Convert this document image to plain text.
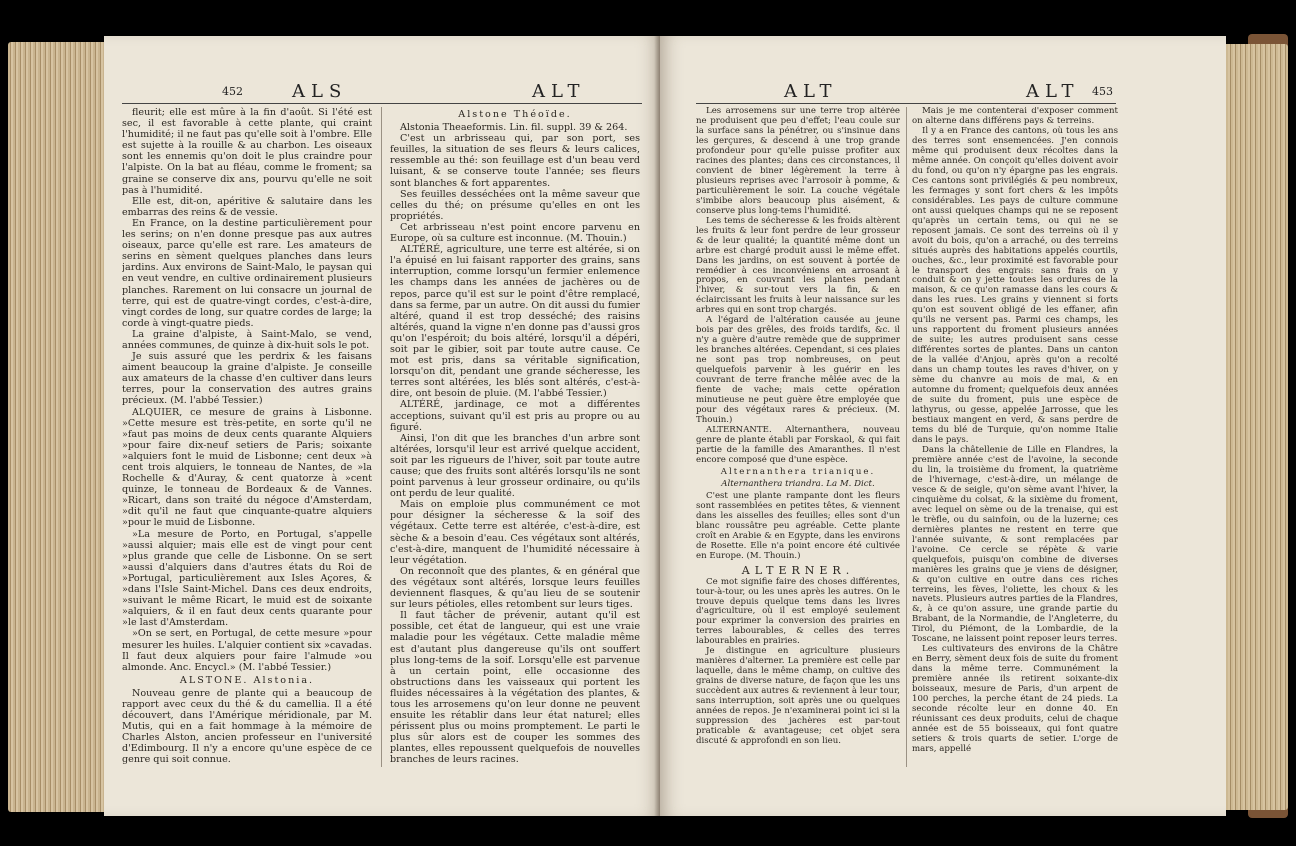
452	ALS	ALT

fleurit; elle est mûre à la fin d'août. Si l'été est sec, il est favorable à cette plante, qui craint l'humidité; il ne faut pas qu'elle soit à l'ombre. Elle est sujette à la rouille & au charbon. Les oiseaux sont les ennemis qu'on doit le plus craindre pour l'alpiste. On la bat au fléau, comme le froment; sa graine se conserve dix ans, pourvu qu'elle ne soit pas à l'humidité.

Elle est, dit-on, apéritive & salutaire dans les embarras des reins & de vessie.

En France, on la destine particulièrement pour les serins; on n'en donne presque pas aux autres oiseaux, parce qu'elle est rare. Les amateurs de serins en sèment quelques planches dans leurs jardins. Aux environs de Saint-Malo, le paysan qui en veut vendre, en cultive ordinairement plusieurs planches. Rarement on lui consacre un journal de terre, qui est de quatre-vingt cordes, c'est-à-dire, vingt cordes de long, sur quatre cordes de large; la corde à vingt-quatre pieds.

La graine d'alpiste, à Saint-Malo, se vend, années communes, de quinze à dix-huit sols le pot.

Je suis assuré que les perdrix & les faisans aiment beaucoup la graine d'alpiste. Je conseille aux amateurs de la chasse d'en cultiver dans leurs terres, pour la conservation des autres grains précieux. (M. l'abbé Tessier.)

ALQUIER, ce mesure de grains à Lisbonne. »Cette mesure est très-petite, en sorte qu'il ne »faut pas moins de deux cents quarante Alquiers »pour faire dix-neuf setiers de Paris; soixante »alquiers font le muid de Lisbonne; cent deux »à cent trois alquiers, le tonneau de Nantes, de »la Rochelle & d'Auray, & cent quatorze à »cent quinze, le tonneau de Bordeaux & de Vannes. »Ricart, dans son traité du négoce d'Amsterdam, »dit qu'il ne faut que cinquante-quatre alquiers »pour le muid de Lisbonne.

»La mesure de Porto, en Portugal, s'appelle »aussi alquier; mais elle est de vingt pour cent »plus grande que celle de Lisbonne. On se sert »aussi d'alquiers dans d'autres états du Roi de »Portugal, particulièrement aux Isles Açores, & »dans l'Isle Saint-Michel. Dans ces deux endroits, »suivant le même Ricart, le muid est de soixante »alquiers, & il en faut deux cents quarante pour »le last d'Amsterdam.

»On se sert, en Portugal, de cette mesure »pour mesurer les huiles. L'alquier contient six »cavadas. Il faut deux alquiers pour faire l'almude »ou almonde. Anc. Encycl.» (M. l'abbé Tessier.)

ALSTONE. Alstonia.

Nouveau genre de plante qui a beaucoup de rapport avec ceux du thé & du camellia. Il a été découvert, dans l'Amérique méridionale, par M. Mutis, qui en a fait hommage à la mémoire de Charles Alston, ancien professeur en l'université d'Edimbourg. Il n'y a encore qu'une espèce de ce genre qui soit connue.

Alstone Théoïde.

Alstonia Theaeformis. Lin. fil. suppl. 39 & 264.

C'est un arbrisseau qui, par son port, ses feuilles, la situation de ses fleurs & leurs calices, ressemble au thé: son feuillage est d'un beau verd luisant, & se conserve toute l'année; ses fleurs sont blanches & fort apparentes.

Ses feuilles desséchées ont la même saveur que celles du thé; on présume qu'elles en ont les propriétés.

Cet arbrisseau n'est point encore parvenu en Europe, où sa culture est inconnue. (M. Thouin.)

ALTÉRÉ, agriculture, une terre est altérée, si on l'a épuisé en lui faisant rapporter des grains, sans interruption, comme lorsqu'un fermier enlemence les champs dans les années de jachères ou de repos, parce qu'il est sur le point d'être remplacé, dans sa ferme, par un autre. On dit aussi du fumier altéré, quand il est trop desséché; des raisins altérés, quand la vigne n'en donne pas d'aussi gros qu'on l'espéroit; du bois altéré, lorsqu'il a dépéri, soit par le gibier, soit par toute autre cause. Ce mot est pris, dans sa véritable signification, lorsqu'on dit, pendant une grande sécheresse, les terres sont altérées, les blés sont altérés, c'est-à-dire, ont besoin de pluie. (M. l'abbé Tessier.)

ALTÉRÉ, jardinage, ce mot a différentes acceptions, suivant qu'il est pris au propre ou au figuré.

Ainsi, l'on dit que les branches d'un arbre sont altérées, lorsqu'il leur est arrivé quelque accident, soit par les rigueurs de l'hiver, soit par toute autre cause; que des fruits sont altérés lorsqu'ils ne sont point parvenus à leur grosseur ordinaire, ou qu'ils ont perdu de leur qualité.

Mais on emploie plus communément ce mot pour désigner la sécheresse & la soif des végétaux. Cette terre est altérée, c'est-à-dire, est sèche & a besoin d'eau. Ces végétaux sont altérés, c'est-à-dire, manquent de l'humidité nécessaire à leur végétation.

On reconnoît que des plantes, & en général que des végétaux sont altérés, lorsque leurs feuilles deviennent flasques, & qu'au lieu de se soutenir sur leurs pétioles, elles retombent sur leurs tiges.

Il faut tâcher de prévenir, autant qu'il est possible, cet état de langueur, qui est une vraie maladie pour les végétaux. Cette maladie même est d'autant plus dangereuse qu'ils ont souffert plus long-tems de la soif. Lorsqu'elle est parvenue à un certain point, elle occasionne des obstructions dans les vaisseaux qui portent les fluides nécessaires à la végétation des plantes, & tous les arrosemens qu'on leur donne ne peuvent ensuite les rétablir dans leur état naturel; elles périssent plus ou moins promptement. Le parti le plus sûr alors est de couper les sommes des plantes, elles repoussent quelquefois de nouvelles branches de leurs racines.

ALT	ALT 453

Les arrosemens sur une terre trop altérée ne produisent que peu d'effet; l'eau coule sur la surface sans la pénétrer, ou s'insinue dans les gerçures, & descend à une trop grande profondeur pour qu'elle puisse profiter aux racines des plantes; dans ces circonstances, il convient de biner légèrement la terre à plusieurs reprises avec l'arrosoir à pomme, & particulièrement le soir. La couche végétale s'imbibe alors beaucoup plus aisément, & conserve plus long-tems l'humidité.

Les tems de sécheresse & les froids altèrent les fruits & leur font perdre de leur grosseur & de leur qualité; la quantité même dont un arbre est chargé produit aussi le même effet. Dans les jardins, on est souvent à portée de remédier à ces inconvéniens en arrosant à propos, en couvrant les plantes pendant l'hiver, & sur-tout vers la fin, & en éclaircissant les fruits à leur naissance sur les arbres qui en sont trop chargés.

A l'égard de l'altération causée au jeune bois par des grêles, des froids tardifs, &c. il n'y a guère d'autre remède que de supprimer les branches altérées. Cependant, si ces plaies ne sont pas trop nombreuses, on peut quelquefois parvenir à les guérir en les couvrant de terre franche mêlée avec de la fiente de vache; mais cette opération minutieuse ne peut guère être employée que pour des végétaux rares & précieux. (M. Thouin.)

ALTERNANTE. Alternanthera, nouveau genre de plante établi par Forskaol, & qui fait partie de la famille des Amaranthes. Il n'est encore composé que d'une espèce.

Alternanthera trianique.

Alternanthera triandra. La M. Dict.

C'est une plante rampante dont les fleurs sont rassemblées en petites têtes, & viennent dans les aisselles des feuilles; elles sont d'un blanc roussâtre peu agréable. Cette plante croît en Arabie & en Egypte, dans les environs de Rosette. Elle n'a point encore été cultivée en Europe. (M. Thouin.)

ALTERNER.

Ce mot signifie faire des choses différentes, tour-à-tour, ou les unes après les autres. On le trouve depuis quelque tems dans les livres d'agriculture, où il est employé seulement pour exprimer la conversion des prairies en terres labourables, & celles des terres labourables en prairies.

Je distingue en agriculture plusieurs manières d'alterner. La première est celle par laquelle, dans le même champ, on cultive des grains de diverse nature, de façon que les uns succèdent aux autres & reviennent à leur tour, sans interruption, soit après une ou quelques années de repos. Je n'examinerai point ici si la suppression des jachères est par-tout praticable & avantageuse; cet objet sera discuté & approfondi en son lieu.

Mais je me contenterai d'exposer comment on alterne dans différens pays & terreins.

Il y a en France des cantons, où tous les ans des terres sont ensemencées. J'en connois même qui produisent deux récoltes dans la même année. On conçoit qu'elles doivent avoir du fond, ou qu'on n'y épargne pas les engrais. Ces cantons sont privilégiés & peu nombreux, les fermages y sont fort chers & les impôts considérables. Les pays de culture commune ont aussi quelques champs qui ne se reposent qu'après un certain tems, ou qui ne se reposent jamais. Ce sont des terreins où il y avoit du bois, qu'on a arraché, ou des terreins situés auprès des habitations appelés courtils, ouches, &c., leur proximité est favorable pour le transport des engrais: sans frais on y conduit & on y jette toutes les ordures de la maison, & ce qu'on ramasse dans les cours & dans les rues. Les grains y viennent si forts qu'on est souvent obligé de les effaner, afin qu'ils ne versent pas. Parmi ces champs, les uns rapportent du froment plusieurs années de suite; les autres produisent sans cesse différentes sortes de plantes. Dans un canton de la vallée d'Anjou, après qu'on a recolté dans un champ toutes les raves d'hiver, on y sème du chanvre au mois de mai, & en automne du froment; quelquefois deux années de suite du froment, puis une espèce de lathyrus, ou gesse, appelée Jarrosse, que les bestiaux mangent en verd, & sans perdre de tems du blé de Turquie, qu'on nomme Italie dans le pays.

Dans la châtellenie de Lille en Flandres, la première année c'est de l'avoine, la seconde du lin, la troisième du froment, la quatrième de l'hivernage, c'est-à-dire, un mélange de vesce & de seigle, qu'on sème avant l'hiver, la cinquième du colsat, & la sixième du froment, avec lequel on sème ou de la trenaise, qui est le trèfle, ou du sainfoin, ou de la luzerne; ces dernières plantes ne restent en terre que l'année suivante, & sont remplacées par l'avoine. Ce cercle se répète & varie quelquefois, puisqu'on combine de diverses manières les grains que je viens de désigner, & qu'on cultive en outre dans ces riches terreins, les fèves, l'oliette, les choux & les navets. Plusieurs autres parties de la Flandres, &, à ce qu'on assure, une grande partie du Brabant, de la Normandie, de l'Angleterre, du Tirol, du Piémont, de la Lombardie, de la Toscane, ne laissent point reposer leurs terres.

Les cultivateurs des environs de la Châtre en Berry, sèment deux fois de suite du froment dans la même terre. Communément la première année ils retirent soixante-dix boisseaux, mesure de Paris, d'un arpent de 100 perches, la perche étant de 24 pieds. La seconde récolte leur en donne 40. En réunissant ces deux produits, celui de chaque année est de 55 boisseaux, qui font quatre setiers & trois quarts de setier. L'orge de mars, appellé
